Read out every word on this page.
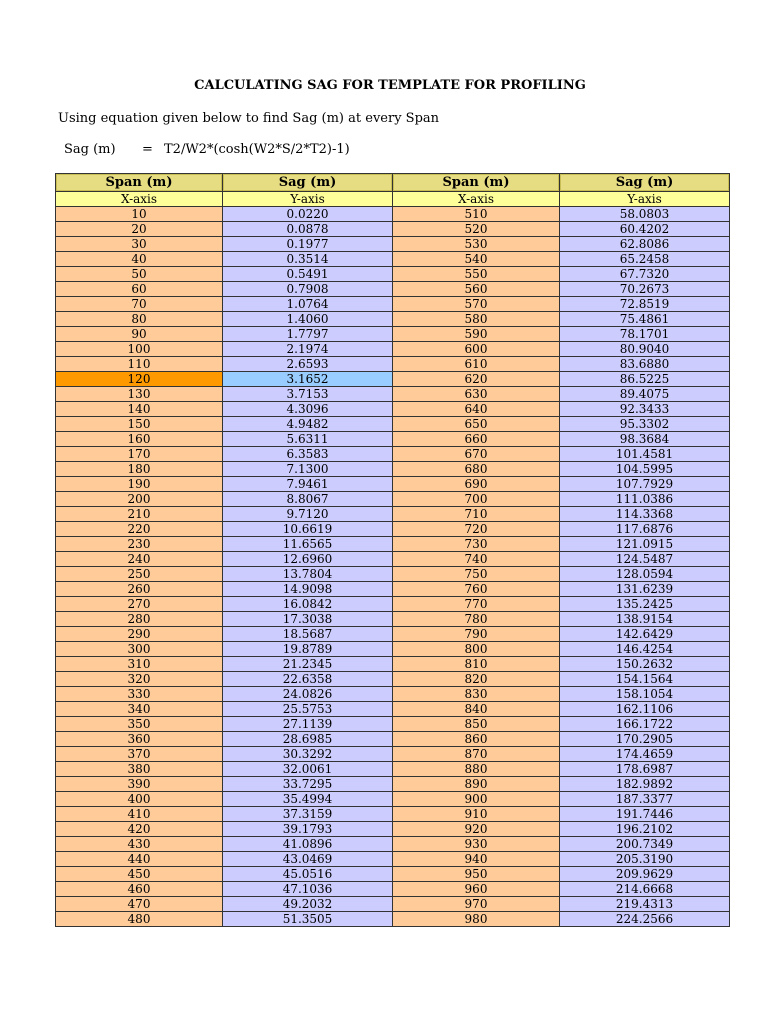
CALCULATING SAG FOR TEMPLATE FOR PROFILING
Using equation given below to find Sag (m) at every Span
Sag (m) = T2/W2*(cosh(W2*S/2*T2)-1)
Span (m)	Sag (m)	Span (m)	Sag (m)
X-axis	Y-axis	X-axis	Y-axis
10	0.0220	510	58.0803
20	0.0878	520	60.4202
30	0.1977	530	62.8086
40	0.3514	540	65.2458
50	0.5491	550	67.7320
60	0.7908	560	70.2673
70	1.0764	570	72.8519
80	1.4060	580	75.4861
90	1.7797	590	78.1701
100	2.1974	600	80.9040
110	2.6593	610	83.6880
120	3.1652	620	86.5225
130	3.7153	630	89.4075
140	4.3096	640	92.3433
150	4.9482	650	95.3302
160	5.6311	660	98.3684
170	6.3583	670	101.4581
180	7.1300	680	104.5995
190	7.9461	690	107.7929
200	8.8067	700	111.0386
210	9.7120	710	114.3368
220	10.6619	720	117.6876
230	11.6565	730	121.0915
240	12.6960	740	124.5487
250	13.7804	750	128.0594
260	14.9098	760	131.6239
270	16.0842	770	135.2425
280	17.3038	780	138.9154
290	18.5687	790	142.6429
300	19.8789	800	146.4254
310	21.2345	810	150.2632
320	22.6358	820	154.1564
330	24.0826	830	158.1054
340	25.5753	840	162.1106
350	27.1139	850	166.1722
360	28.6985	860	170.2905
370	30.3292	870	174.4659
380	32.0061	880	178.6987
390	33.7295	890	182.9892
400	35.4994	900	187.3377
410	37.3159	910	191.7446
420	39.1793	920	196.2102
430	41.0896	930	200.7349
440	43.0469	940	205.3190
450	45.0516	950	209.9629
460	47.1036	960	214.6668
470	49.2032	970	219.4313
480	51.3505	980	224.2566
